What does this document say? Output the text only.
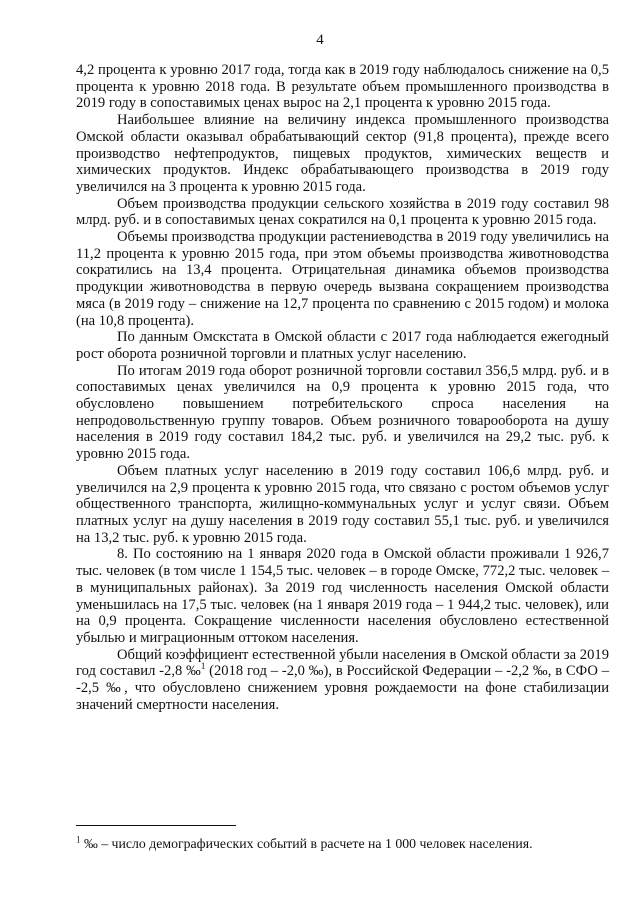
4

4,2 процента к уровню 2017 года, тогда как в 2019 году наблюдалось снижение на 0,5 процента к уровню 2018 года. В результате объем промышленного производства в 2019 году в сопоставимых ценах вырос на 2,1 процента к уровню 2015 года.

Наибольшее влияние на величину индекса промышленного производства Омской области оказывал обрабатывающий сектор (91,8 процента), прежде всего производство нефтепродуктов, пищевых продуктов, химических веществ и химических продуктов. Индекс обрабатывающего производства в 2019 году увеличился на 3 процента к уровню 2015 года.

Объем производства продукции сельского хозяйства в 2019 году составил 98 млрд. руб. и в сопоставимых ценах сократился на 0,1 процента к уровню 2015 года.

Объемы производства продукции растениеводства в 2019 году увеличились на 11,2 процента к уровню 2015 года, при этом объемы производства животноводства сократились на 13,4 процента. Отрицательная динамика объемов производства продукции животноводства в первую очередь вызвана сокращением производства мяса (в 2019 году – снижение на 12,7 процента по сравнению с 2015 годом) и молока (на 10,8 процента).

По данным Омскстата в Омской области с 2017 года наблюдается ежегодный рост оборота розничной торговли и платных услуг населению.

По итогам 2019 года оборот розничной торговли составил 356,5 млрд. руб. и в сопоставимых ценах увеличился на 0,9 процента к уровню 2015 года, что обусловлено повышением потребительского спроса населения на непродовольственную группу товаров. Объем розничного товарооборота на душу населения в 2019 году составил 184,2 тыс. руб. и увеличился на 29,2 тыс. руб. к уровню 2015 года.

Объем платных услуг населению в 2019 году составил 106,6 млрд. руб. и увеличился на 2,9 процента к уровню 2015 года, что связано с ростом объемов услуг общественного транспорта, жилищно-коммунальных услуг и услуг связи. Объем платных услуг на душу населения в 2019 году составил 55,1 тыс. руб. и увеличился на 13,2 тыс. руб. к уровню 2015 года.

8. По состоянию на 1 января 2020 года в Омской области проживали 1 926,7 тыс. человек (в том числе 1 154,5 тыс. человек – в городе Омске, 772,2 тыс. человек – в муниципальных районах). За 2019 год численность населения Омской области уменьшилась на 17,5 тыс. человек (на 1 января 2019 года – 1 944,2 тыс. человек), или на 0,9 процента. Сокращение численности населения обусловлено естественной убылью и миграционным оттоком населения.

Общий коэффициент естественной убыли населения в Омской области за 2019 год составил -2,8 ‰$^1$ (2018 год – -2,0 ‰), в Российской Федерации – -2,2 ‰, в СФО – -2,5 ‰, что обусловлено снижением уровня рождаемости на фоне стабилизации значений смертности населения.

$^1$ ‰ – число демографических событий в расчете на 1 000 человек населения.
